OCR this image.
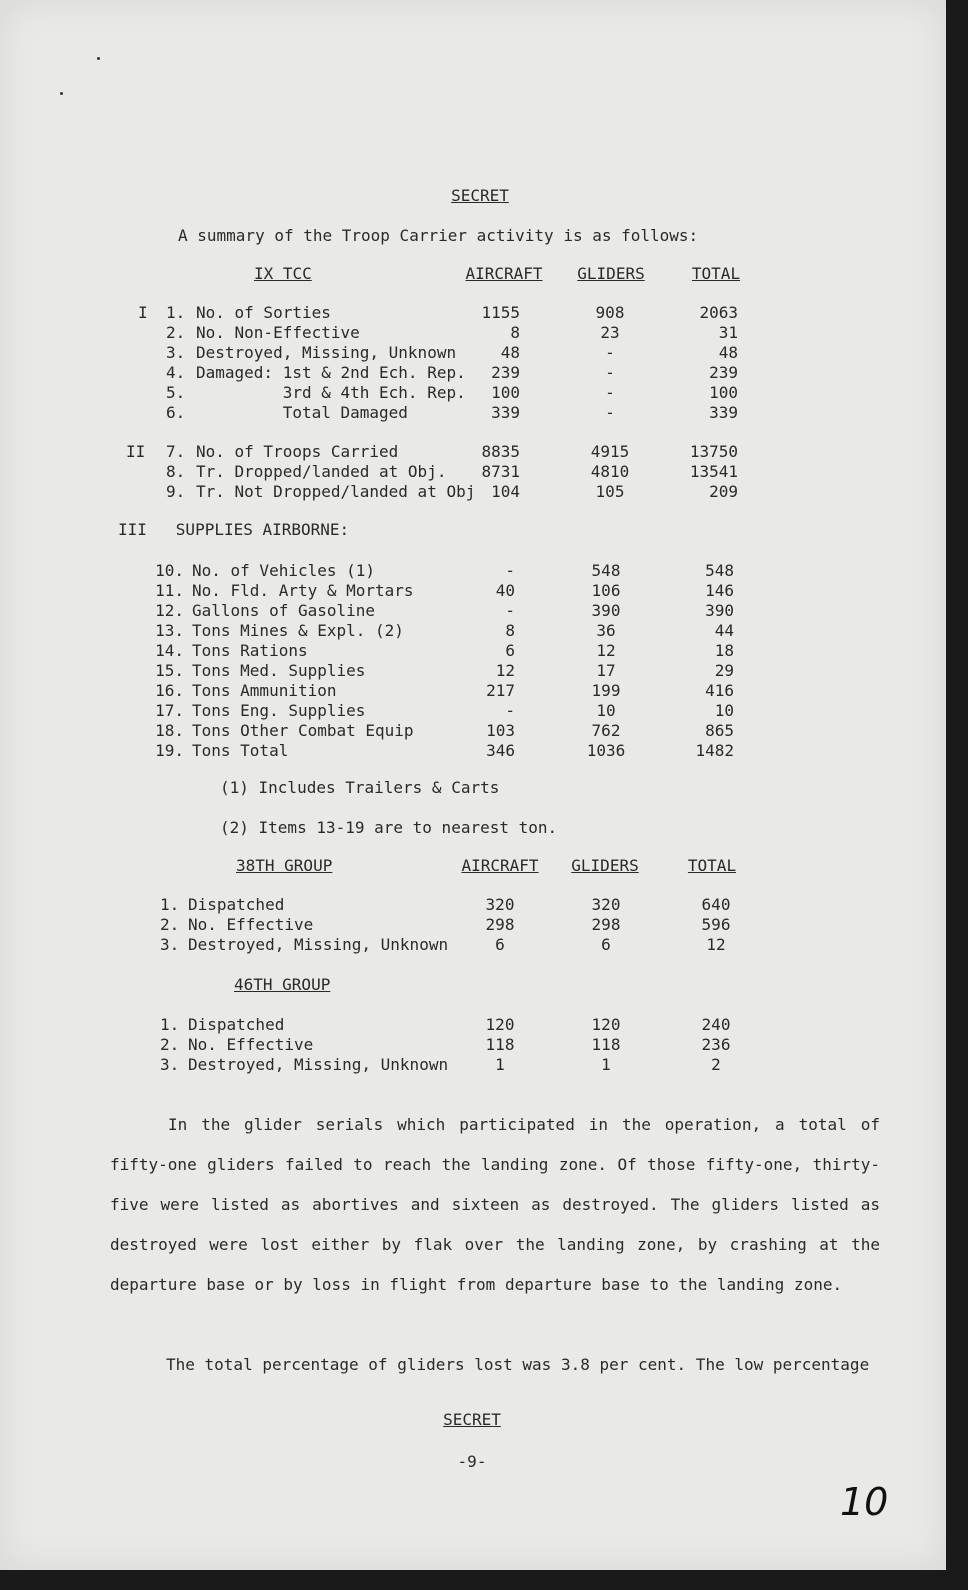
SECRET
A summary of the Troop Carrier activity is as follows:
IX TCC	AIRCRAFT	GLIDERS	TOTAL
I 1. No. of Sorties	1155	908	2063
2. No. Non-Effective	8	23	31
3. Destroyed, Missing, Unknown	48	-	48
4. Damaged: 1st & 2nd Ech. Rep.	239	-	239
5. 3rd & 4th Ech. Rep.	100	-	100
6. Total Damaged	339	-	339
II 7. No. of Troops Carried	8835	4915	13750
8. Tr. Dropped/landed at Obj.	8731	4810	13541
9. Tr. Not Dropped/landed at Obj 104	105	209
III   SUPPLIES AIRBORNE:
10. No. of Vehicles (1)	-	548	548
11. No. Fld. Arty & Mortars	40	106	146
12. Gallons of Gasoline	-	390	390
13. Tons Mines & Expl. (2)	8	36	44
14. Tons Rations	6	12	18
15. Tons Med. Supplies	12	17	29
16. Tons Ammunition	217	199	416
17. Tons Eng. Supplies	-	10	10
18. Tons Other Combat Equip	103	762	865
19. Tons Total	346	1036	1482
(1) Includes Trailers & Carts
(2) Items 13-19 are to nearest ton.
38TH GROUP	AIRCRAFT	GLIDERS	TOTAL
1. Dispatched	320	320	640
2. No. Effective	298	298	596
3. Destroyed, Missing, Unknown	6	6	12
46TH GROUP
1. Dispatched	120	120	240
2. No. Effective	118	118	236
3. Destroyed, Missing, Unknown	1	1	2
In the glider serials which participated in the operation, a total of fifty-one gliders failed to reach the landing zone. Of those fifty-one, thirty-five were listed as abortives and sixteen as destroyed. The gliders listed as destroyed were lost either by flak over the landing zone, by crashing at the departure base or by loss in flight from departure base to the landing zone.
The total percentage of gliders lost was 3.8 per cent. The low percentage
SECRET
-9-
10
